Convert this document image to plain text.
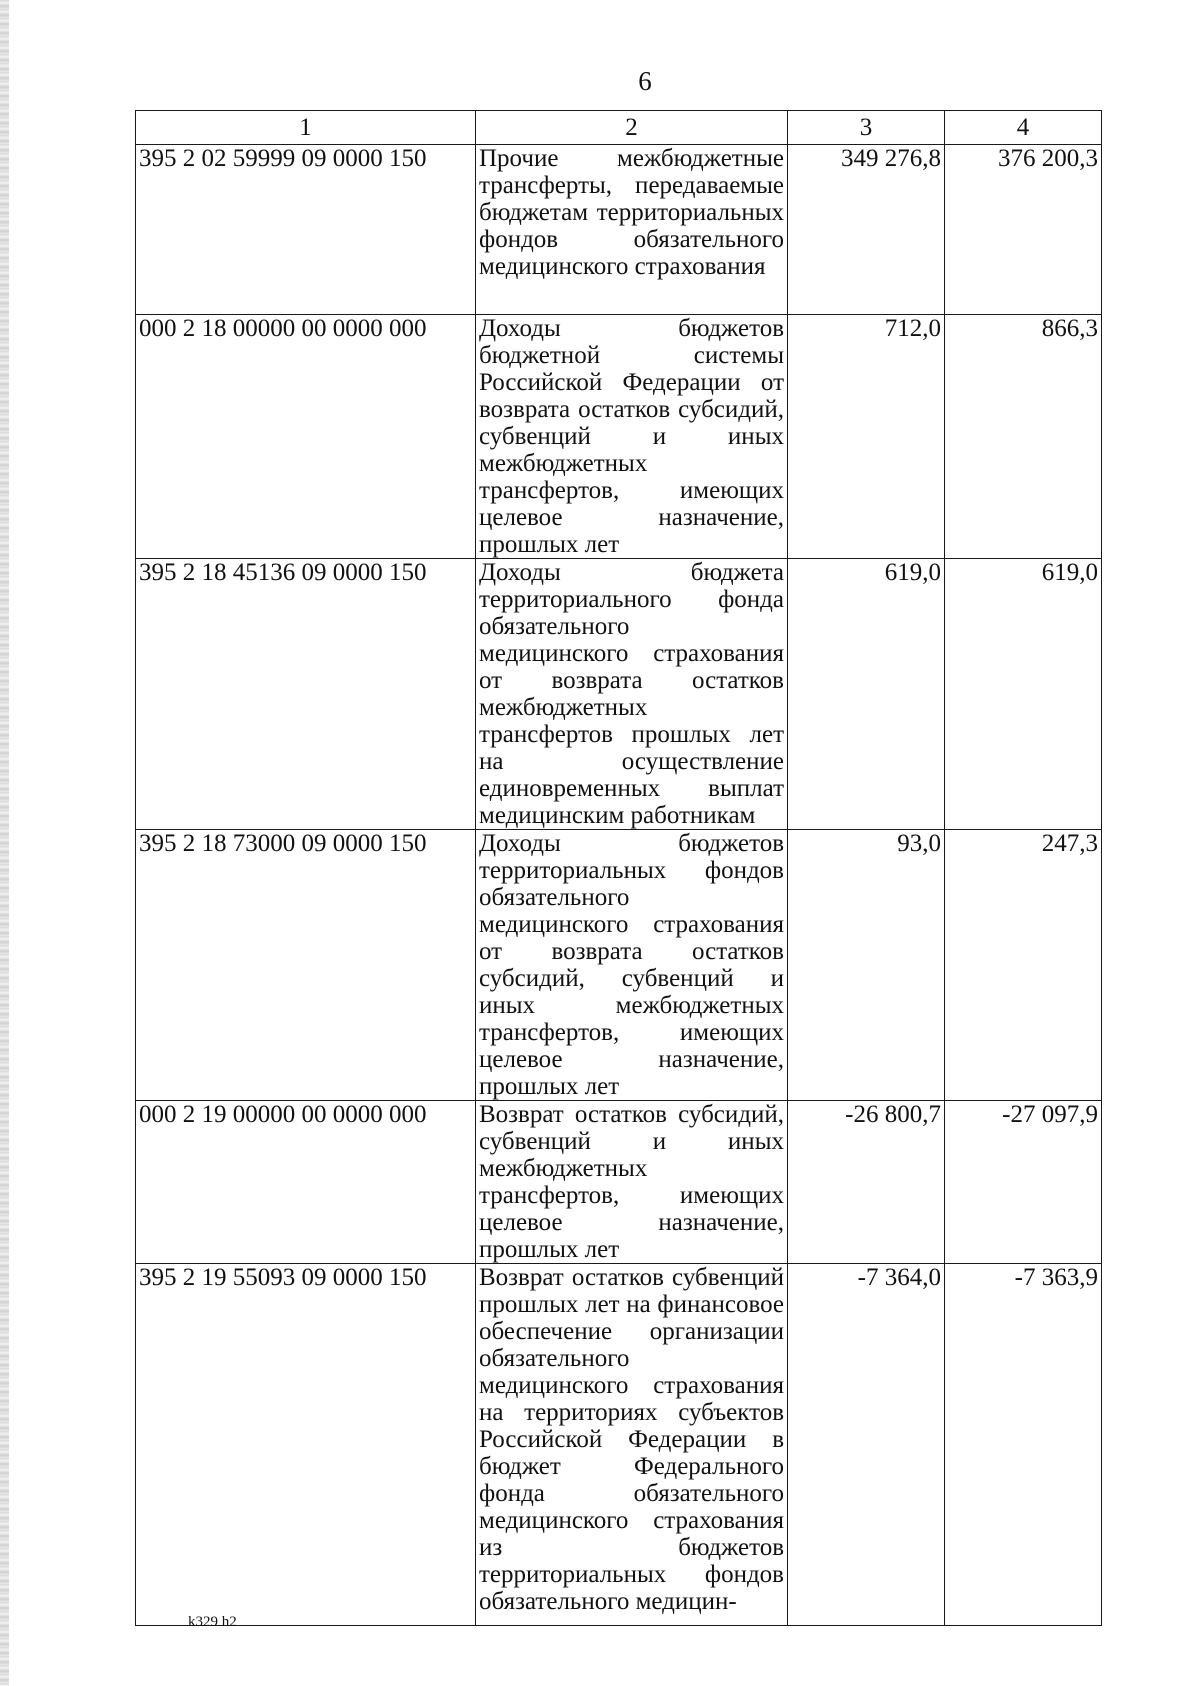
6
1	2	3	4
395 2 02 59999 09 0000 150	Прочие межбюджетные трансферты, передаваемые бюджетам территориальных фондов обязательного медицинского страхования	349 276,8	376 200,3
000 2 18 00000 00 0000 000	Доходы бюджетов бюджетной системы Российской Федерации от возврата остатков субсидий, субвенций и иных межбюджетных трансфертов, имеющих целевое назначение, прошлых лет	712,0	866,3
395 2 18 45136 09 0000 150	Доходы бюджета территориального фонда обязательного медицинского страхования от возврата остатков межбюджетных трансфертов прошлых лет на осуществление единовременных выплат медицинским работникам	619,0	619,0
395 2 18 73000 09 0000 150	Доходы бюджетов территориальных фондов обязательного медицинского страхования от возврата остатков субсидий, субвенций и иных межбюджетных трансфертов, имеющих целевое назначение, прошлых лет	93,0	247,3
000 2 19 00000 00 0000 000	Возврат остатков субсидий, субвенций и иных межбюджетных трансфертов, имеющих целевое назначение, прошлых лет	-26 800,7	-27 097,9
395 2 19 55093 09 0000 150	Возврат остатков субвенций прошлых лет на финансовое обеспечение организации обязательного медицинского страхования на территориях субъектов Российской Федерации в бюджет Федерального фонда обязательного медицинского страхования из бюджетов территориальных фондов обязательного медицин-	-7 364,0	-7 363,9
k329 h2
